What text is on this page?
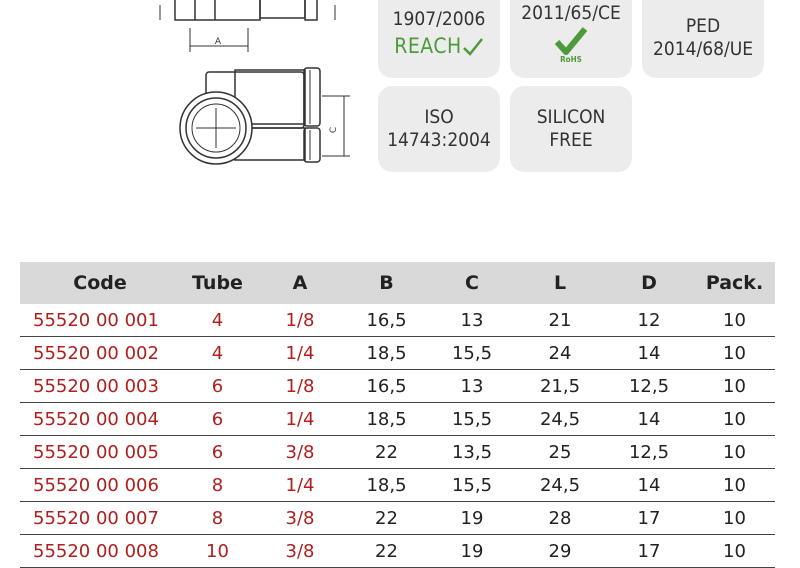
A
C
1907/2006
REACH
2011/65/CE
RoHS
PED
2014/68/UE
ISO
14743:2004
SILICON
FREE
Code	Tube	A	B	C	L	D	Pack.
55520 00 001	4	1/8	16,5	13	21	12	10
55520 00 002	4	1/4	18,5	15,5	24	14	10
55520 00 003	6	1/8	16,5	13	21,5	12,5	10
55520 00 004	6	1/4	18,5	15,5	24,5	14	10
55520 00 005	6	3/8	22	13,5	25	12,5	10
55520 00 006	8	1/4	18,5	15,5	24,5	14	10
55520 00 007	8	3/8	22	19	28	17	10
55520 00 008	10	3/8	22	19	29	17	10
